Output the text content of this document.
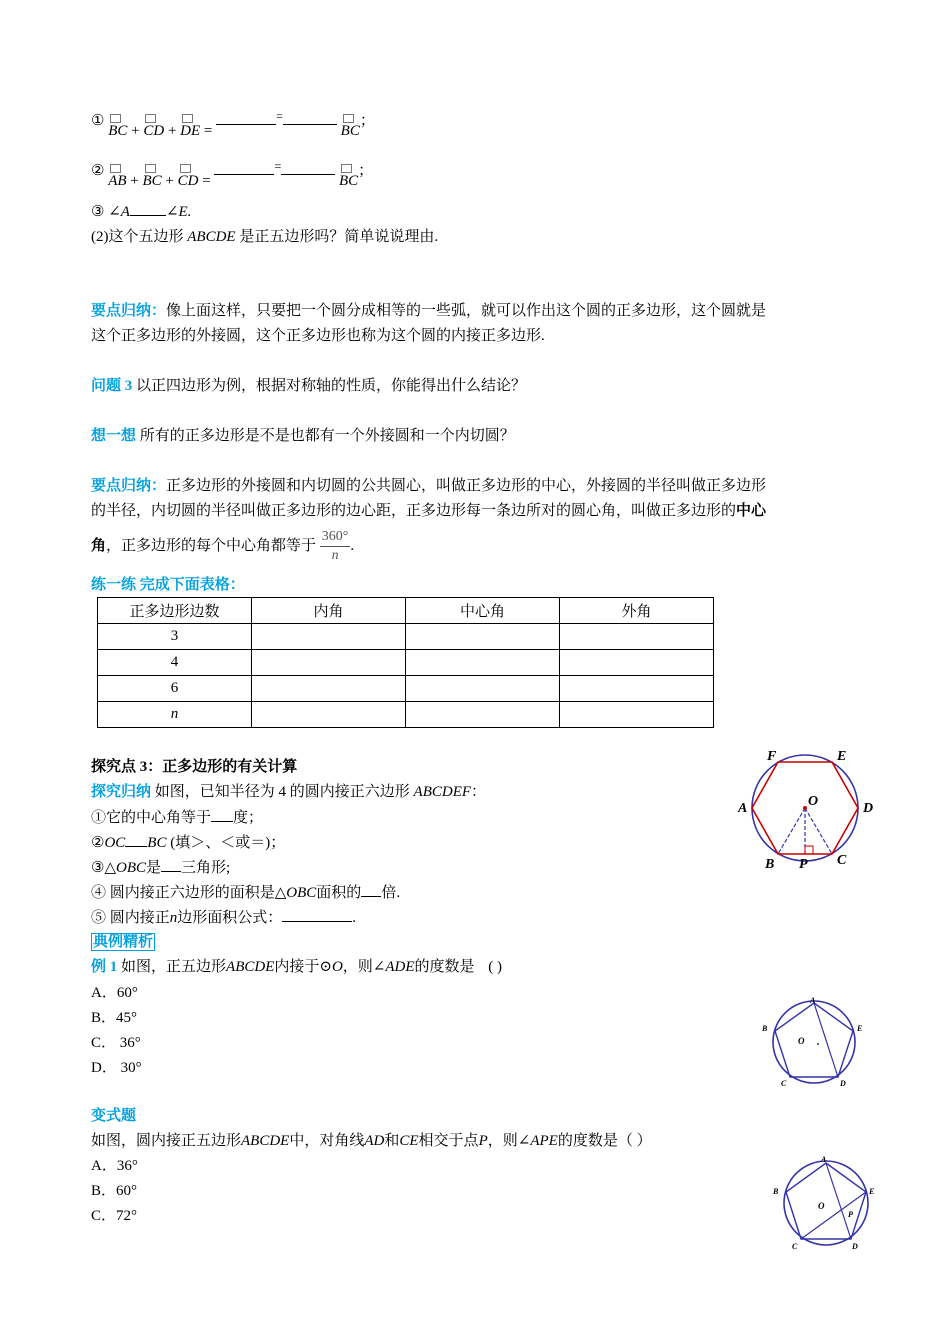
① BC + CD + DE = = BC；
② AB + BC + CD = = BC；
③ ∠A ∠E.
(2)这个五边形 ABCDE 是正五边形吗？简单说说理由.
要点归纳：像上面这样，只要把一个圆分成相等的一些弧，就可以作出这个圆的正多边形，这个圆就是
这个正多边形的外接圆，这个正多边形也称为这个圆的内接正多边形.
问题 3 以正四边形为例，根据对称轴的性质，你能得出什么结论？
想一想 所有的正多边形是不是也都有一个外接圆和一个内切圆？
要点归纳：正多边形的外接圆和内切圆的公共圆心，叫做正多边形的中心，外接圆的半径叫做正多边形
的半径，内切圆的半径叫做正多边形的边心距，正多边形每一条边所对的圆心角，叫做正多边形的中心
角，正多边形的每个中心角都等于 $\frac{360^\circ}{n}$ .
练一练 完成下面表格：
正多边形边数	内角	中心角	外角
3			
4			
6			
n			
探究点 3：正多边形的有关计算
探究归纳 如图，已知半径为 4 的圆内接正六边形 ABCDEF：
①它的中心角等于 度；
②OC BC (填＞、＜或＝)；
③△OBC是 三角形;
④ 圆内接正六边形的面积是△OBC面积的 倍.
⑤ 圆内接正n边形面积公式：	.
典例精析
例 1 如图，正五边形ABCDE内接于⊙O，则∠ADE的度数是 ( )
A．60°
B．45°
C． 36°
D． 30°
变式题
如图，圆内接正五边形ABCDE中，对角线AD和CE相交于点P，则∠APE的度数是（ ）
A．36°
B．60°
C．72°
F	E
A	D
O
B P C
A
B	E
O
C	D
A
B	E
O
P
C	D
